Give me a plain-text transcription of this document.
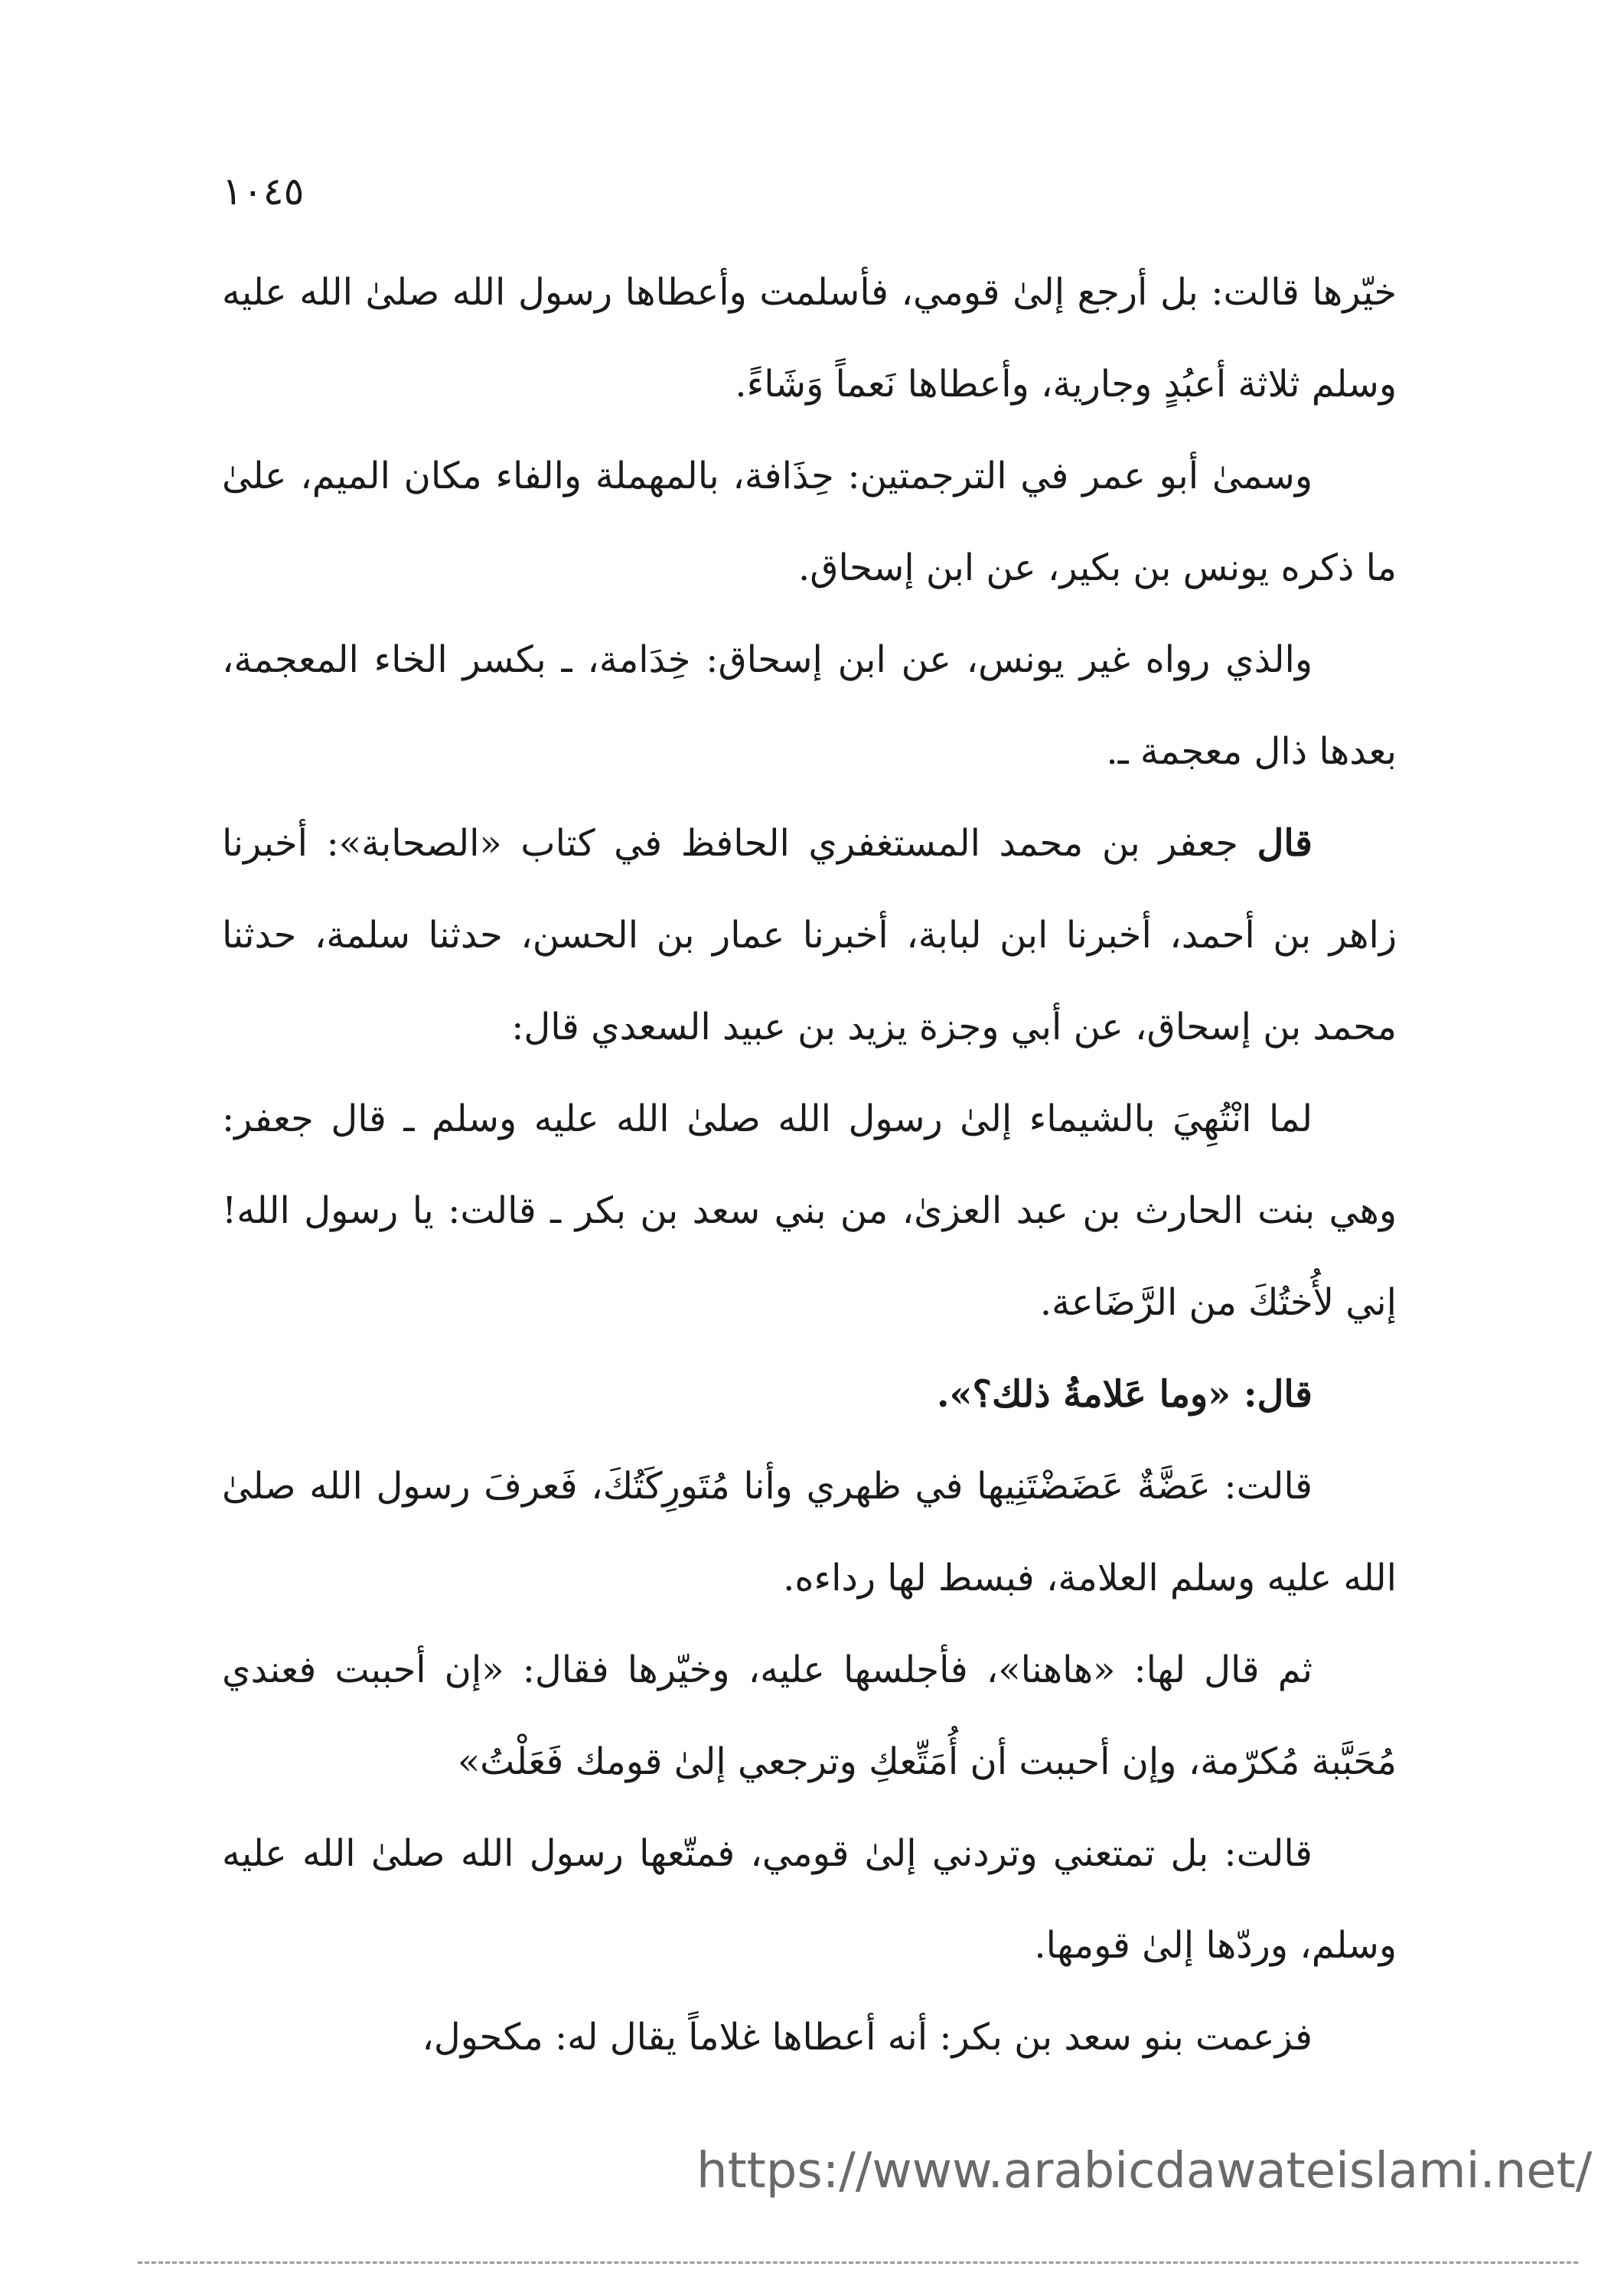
١٠٤٥

خيّرها قالت: بل أرجع إلىٰ قومي، فأسلمت وأعطاها رسول الله صلىٰ الله عليه وسلم ثلاثة أعبُدٍ وجارية، وأعطاها نَعماً وَشَاءً.

وسمىٰ أبو عمر في الترجمتين: حِذَافة، بالمهملة والفاء مكان الميم، علىٰ ما ذكره يونس بن بكير، عن ابن إسحاق.

والذي رواه غير يونس، عن ابن إسحاق: خِدَامة، ـ بكسر الخاء المعجمة، بعدها ذال معجمة ـ.

قال جعفر بن محمد المستغفري الحافظ في كتاب «الصحابة»: أخبرنا زاهر بن أحمد، أخبرنا ابن لبابة، أخبرنا عمار بن الحسن، حدثنا سلمة، حدثنا محمد بن إسحاق، عن أبي وجزة يزيد بن عبيد السعدي قال:

لما انْتُهِيَ بالشيماء إلىٰ رسول الله صلىٰ الله عليه وسلم ـ قال جعفر: وهي بنت الحارث بن عبد العزىٰ، من بني سعد بن بكر ـ قالت: يا رسول الله! إني لأُختُكَ من الرَّضَاعة.

قال: «وما عَلامةُ ذلك؟».

قالت: عَضَّةٌ عَضَضْتَنِيها في ظهري وأنا مُتَورِكَتُكَ، فَعرفَ رسول الله صلىٰ الله عليه وسلم العلامة، فبسط لها رداءه.

ثم قال لها: «هاهنا»، فأجلسها عليه، وخيّرها فقال: «إن أحببت فعندي مُحَبَّبة مُكرّمة، وإن أحببت أن أُمَتِّعكِ وترجعي إلىٰ قومك فَعَلْتُ»

قالت: بل تمتعني وتردني إلىٰ قومي، فمتّعها رسول الله صلىٰ الله عليه وسلم، وردّها إلىٰ قومها.

فزعمت بنو سعد بن بكر: أنه أعطاها غلاماً يقال له: مكحول،

https://www.arabicdawateislami.net/
